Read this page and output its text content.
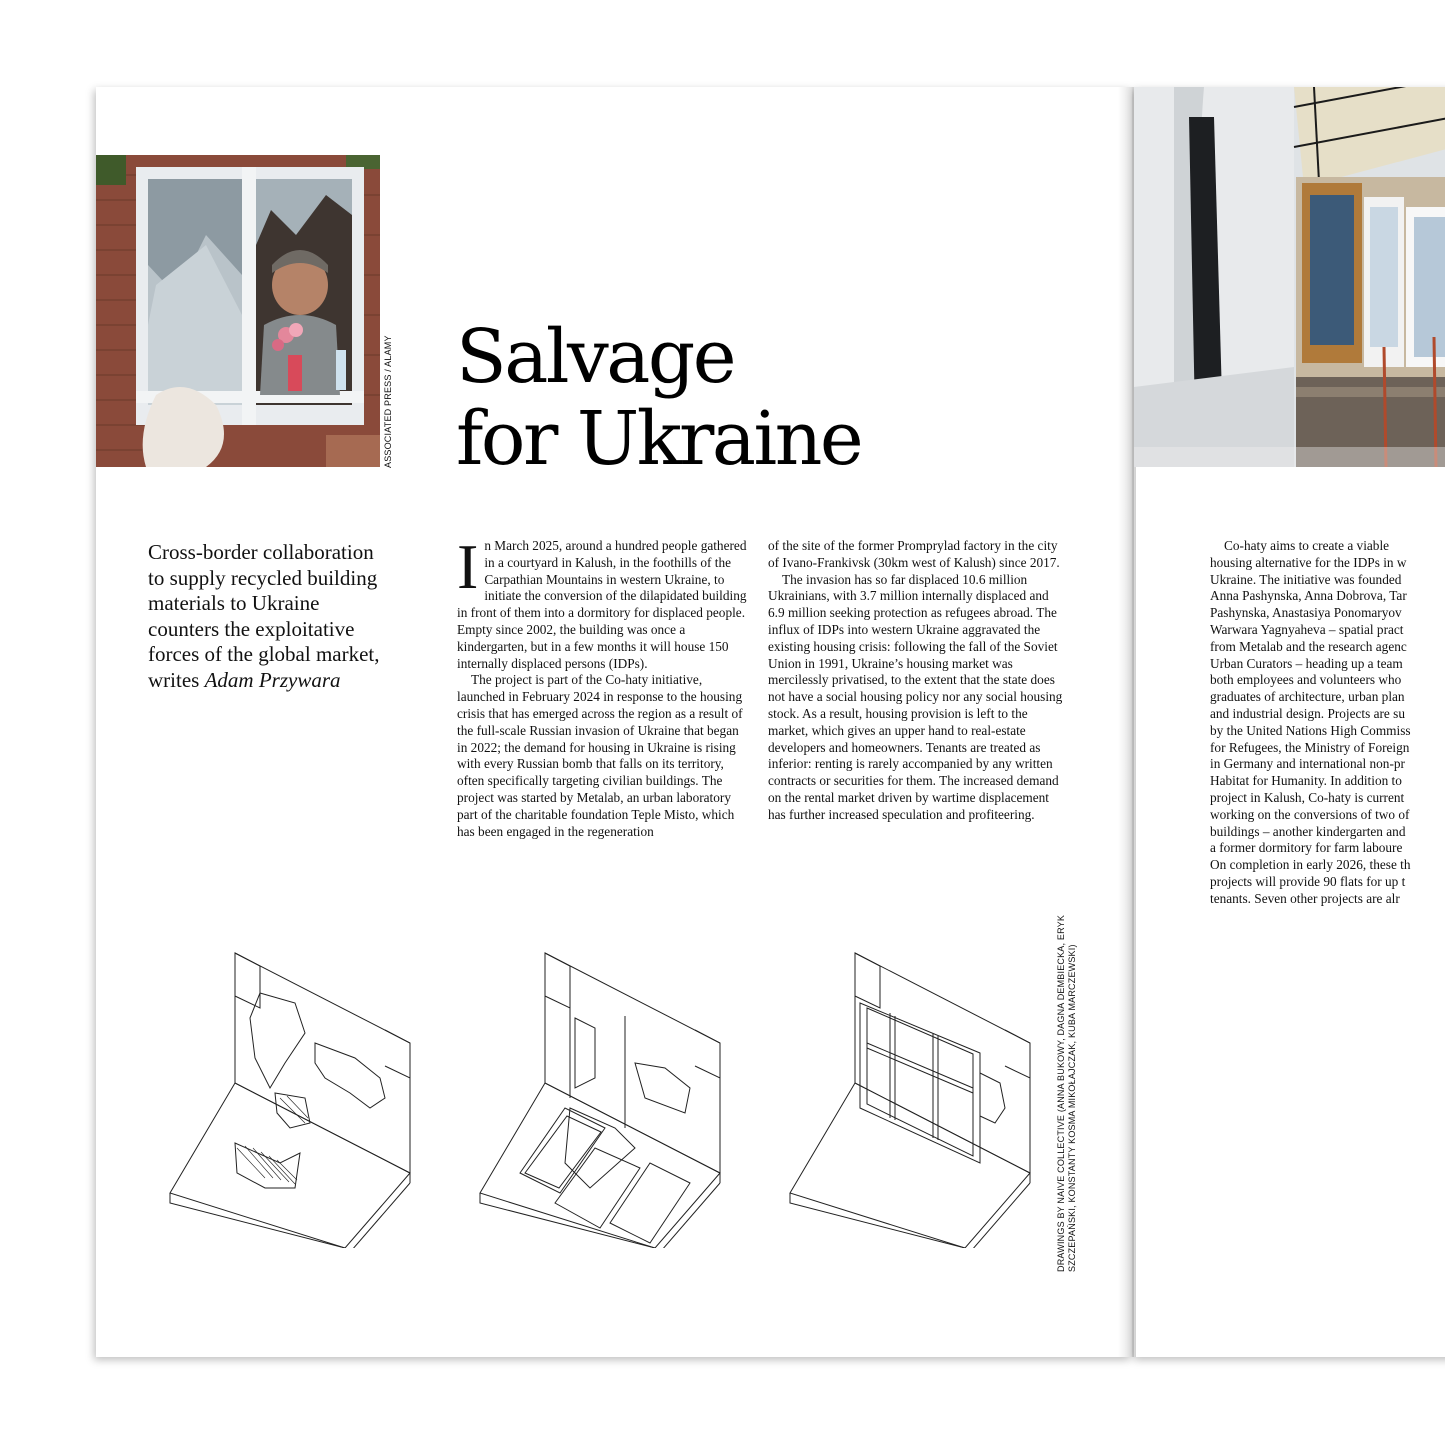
ASSOCIATED PRESS / ALAMY Salvage
for Ukraine

Cross-border collaboration to supply recycled building materials to Ukraine counters the exploitative forces of the global market, writes Adam Przywara

In March 2025, around a hundred people gathered in a courtyard in Kalush, in the foothills of the Carpathian Mountains in western Ukraine, to initiate the conversion of the dilapidated building in front of them into a dormitory for displaced people. Empty since 2002, the building was once a kindergarten, but in a few months it will house 150 internally displaced persons (IDPs).

The project is part of the Co-haty initiative, launched in February 2024 in response to the housing crisis that has emerged across the region as a result of the full-scale Russian invasion of Ukraine that began in 2022; the demand for housing in Ukraine is rising with every Russian bomb that falls on its territory, often specifically targeting civilian buildings. The project was started by Metalab, an urban laboratory part of the charitable foundation Teple Misto, which has been engaged in the regeneration

of the site of the former Promprylad factory in the city of Ivano-Frankivsk (30km west of Kalush) since 2017.

The invasion has so far displaced 10.6 million Ukrainians, with 3.7 million internally displaced and 6.9 million seeking protection as refugees abroad. The influx of IDPs into western Ukraine aggravated the existing housing crisis: following the fall of the Soviet Union in 1991, Ukraine’s housing market was mercilessly privatised, to the extent that the state does not have a social housing policy nor any social housing stock. As a result, housing provision is left to the market, which gives an upper hand to real-estate developers and homeowners. Tenants are treated as inferior: renting is rarely accompanied by any written contracts or securities for them. The increased demand on the rental market driven by wartime displacement has further increased speculation and profiteering.

Co-haty aims to create a viable
housing alternative for the IDPs in w
Ukraine. The initiative was founded
Anna Pashynska, Anna Dobrova, Tar
Pashynska, Anastasiya Ponomaryov
Warwara Yagnyaheva – spatial pract
from Metalab and the research agenc
Urban Curators – heading up a team
both employees and volunteers who
graduates of architecture, urban plan
and industrial design. Projects are su
by the United Nations High Commiss
for Refugees, the Ministry of Foreign
in Germany and international non-pr
Habitat for Humanity. In addition to
project in Kalush, Co-haty is current
working on the conversions of two of
buildings – another kindergarten and
a former dormitory for farm laboure
On completion in early 2026, these th
projects will provide 90 flats for up t
tenants. Seven other projects are alr
DRAWINGS BY NAIVE COLLECTIVE (ANNA BUKOWY, DAGNA DEMBIECKA, ERYK SZCZEPAŃSKI, KONSTANTY KOSMA MIKOŁAJCZAK, KUBA MARCZEWSKI)
